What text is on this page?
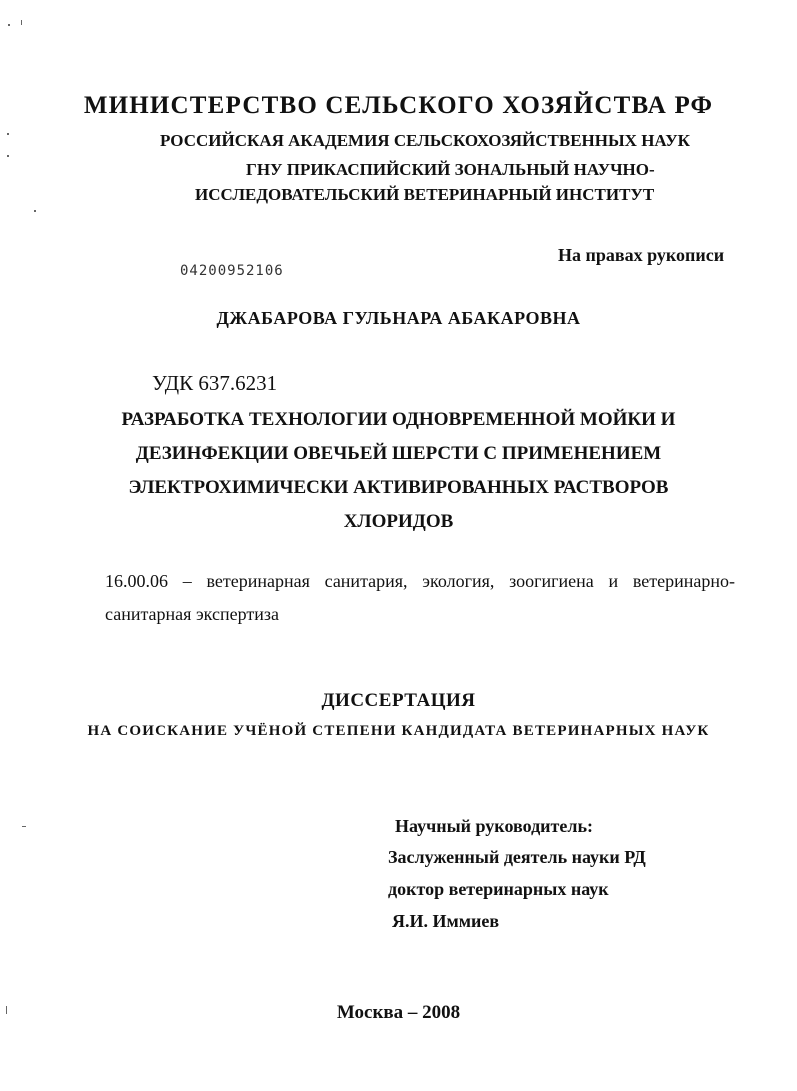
МИНИСТЕРСТВО СЕЛЬСКОГО ХОЗЯЙСТВА РФ
РОССИЙСКАЯ АКАДЕМИЯ СЕЛЬСКОХОЗЯЙСТВЕННЫХ НАУК
ГНУ ПРИКАСПИЙСКИЙ ЗОНАЛЬНЫЙ НАУЧНО-
ИССЛЕДОВАТЕЛЬСКИЙ ВЕТЕРИНАРНЫЙ ИНСТИТУТ
На правах рукописи
04200952106
ДЖАБАРОВА ГУЛЬНАРА АБАКАРОВНА
УДК 637.6231
РАЗРАБОТКА ТЕХНОЛОГИИ ОДНОВРЕМЕННОЙ МОЙКИ И
ДЕЗИНФЕКЦИИ ОВЕЧЬЕЙ ШЕРСТИ С ПРИМЕНЕНИЕМ
ЭЛЕКТРОХИМИЧЕСКИ АКТИВИРОВАННЫХ РАСТВОРОВ
ХЛОРИДОВ
16.00.06 – ветеринарная санитария, экология, зоогигиена и ветеринарно-санитарная экспертиза
ДИССЕРТАЦИЯ
НА СОИСКАНИЕ УЧЁНОЙ СТЕПЕНИ КАНДИДАТА ВЕТЕРИНАРНЫХ НАУК
Научный руководитель:
Заслуженный деятель науки РД
доктор ветеринарных наук
Я.И. Иммиев
Москва – 2008
